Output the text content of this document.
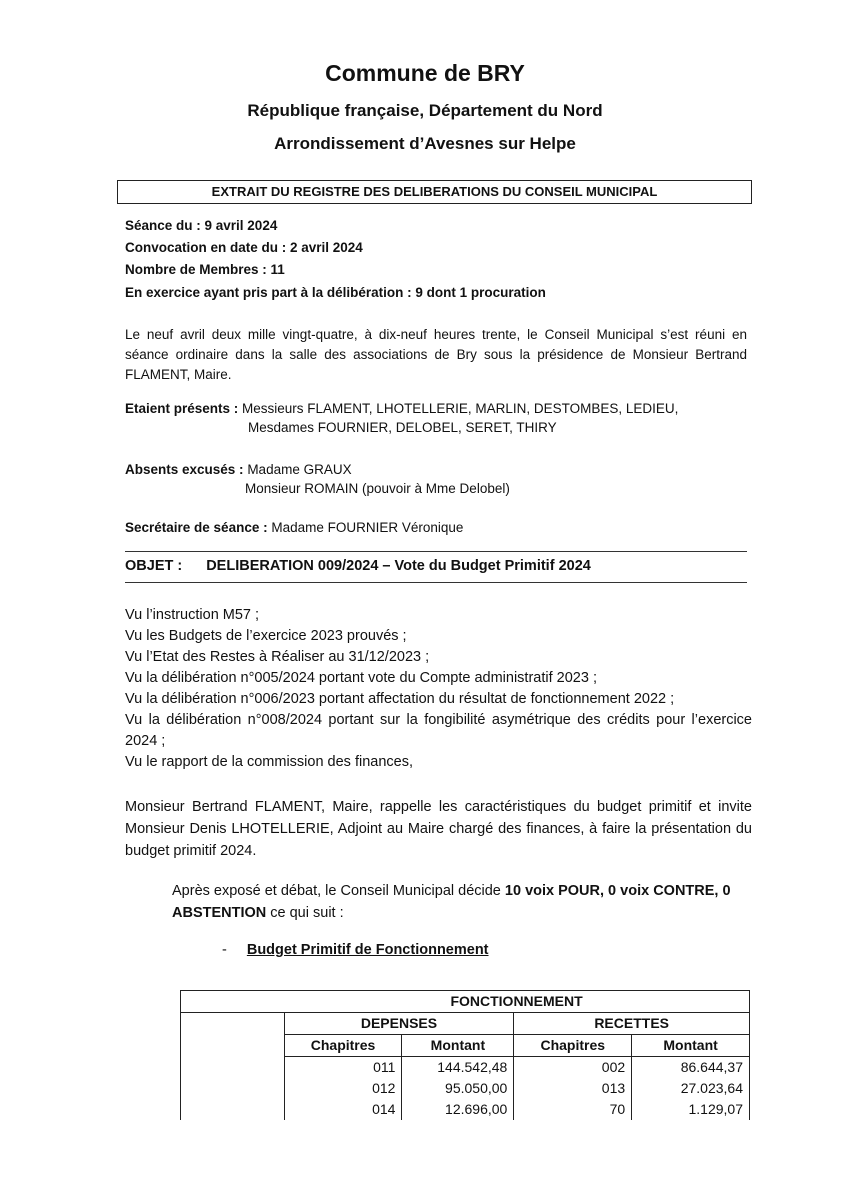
Commune de BRY
République française, Département du Nord
Arrondissement d’Avesnes sur Helpe
EXTRAIT DU REGISTRE DES DELIBERATIONS DU CONSEIL MUNICIPAL
Séance du : 9 avril 2024
Convocation en date du : 2 avril 2024
Nombre de Membres : 11
En exercice ayant pris part à la délibération : 9 dont 1 procuration
Le neuf avril deux mille vingt-quatre, à dix-neuf heures trente, le Conseil Municipal s’est réuni en séance ordinaire dans la salle des associations de Bry sous la présidence de Monsieur Bertrand FLAMENT, Maire.
Etaient présents : Messieurs FLAMENT, LHOTELLERIE, MARLIN, DESTOMBES, LEDIEU,
Mesdames FOURNIER, DELOBEL, SERET, THIRY
Absents excusés : Madame GRAUX
Monsieur ROMAIN (pouvoir à Mme Delobel)
Secrétaire de séance : Madame FOURNIER Véronique
OBJET : DELIBERATION 009/2024 – Vote du Budget Primitif 2024
Vu l’instruction M57 ;
Vu les Budgets de l’exercice 2023 prouvés ;
Vu l’Etat des Restes à Réaliser au 31/12/2023 ;
Vu la délibération n°005/2024 portant vote du Compte administratif 2023 ;
Vu la délibération n°006/2023 portant affectation du résultat de fonctionnement 2022 ;
Vu la délibération n°008/2024 portant sur la fongibilité asymétrique des crédits pour l’exercice 2024 ;
Vu le rapport de la commission des finances,
Monsieur Bertrand FLAMENT, Maire, rappelle les caractéristiques du budget primitif et invite Monsieur Denis LHOTELLERIE, Adjoint au Maire chargé des finances, à faire la présentation du budget primitif 2024.
Après exposé et débat, le Conseil Municipal décide 10 voix POUR, 0 voix CONTRE, 0 ABSTENTION ce qui suit :
- Budget Primitif de Fonctionnement
	FONCTIONNEMENT			
	DEPENSES		RECETTES	
	Chapitres	Montant	Chapitres	Montant
	011	144.542,48	002	86.644,37
	012	95.050,00	013	27.023,64
	014	12.696,00	70	1.129,07
